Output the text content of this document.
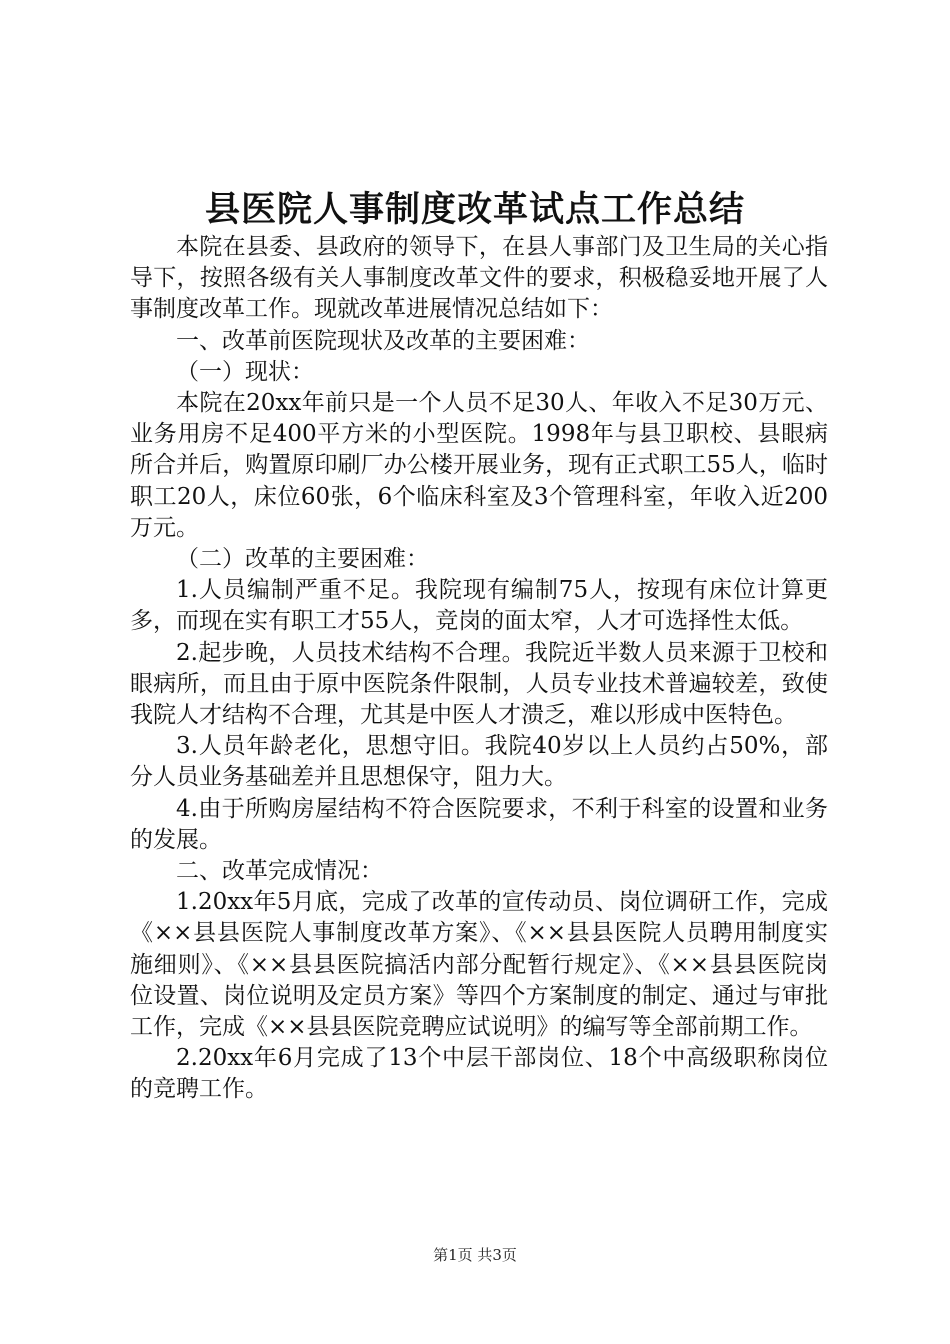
县医院人事制度改革试点工作总结

本院在县委、县政府的领导下，在县人事部门及卫生局的关心指导下，按照各级有关人事制度改革文件的要求，积极稳妥地开展了人事制度改革工作。现就改革进展情况总结如下：

一、改革前医院现状及改革的主要困难：

（一）现状：

本院在20xx年前只是一个人员不足30人、年收入不足30万元、业务用房不足400平方米的小型医院。1998年与县卫职校、县眼病所合并后，购置原印刷厂办公楼开展业务，现有正式职工55人，临时职工20人，床位60张，6个临床科室及3个管理科室，年收入近200万元。

（二）改革的主要困难：

1.人员编制严重不足。我院现有编制75人，按现有床位计算更多，而现在实有职工才55人，竞岗的面太窄，人才可选择性太低。

2.起步晚，人员技术结构不合理。我院近半数人员来源于卫校和眼病所，而且由于原中医院条件限制，人员专业技术普遍较差，致使我院人才结构不合理，尤其是中医人才溃乏，难以形成中医特色。

3.人员年龄老化，思想守旧。我院40岁以上人员约占50%，部分人员业务基础差并且思想保守，阻力大。

4.由于所购房屋结构不符合医院要求，不利于科室的设置和业务的发展。

二、改革完成情况：

1.20xx年5月底，完成了改革的宣传动员、岗位调研工作，完成《××县县医院人事制度改革方案》、《××县县医院人员聘用制度实施细则》、《××县县医院搞活内部分配暂行规定》、《××县县医院岗位设置、岗位说明及定员方案》等四个方案制度的制定、通过与审批工作，完成《××县县医院竞聘应试说明》的编写等全部前期工作。

2.20xx年6月完成了13个中层干部岗位、18个中高级职称岗位的竞聘工作。

第1页 共3页
